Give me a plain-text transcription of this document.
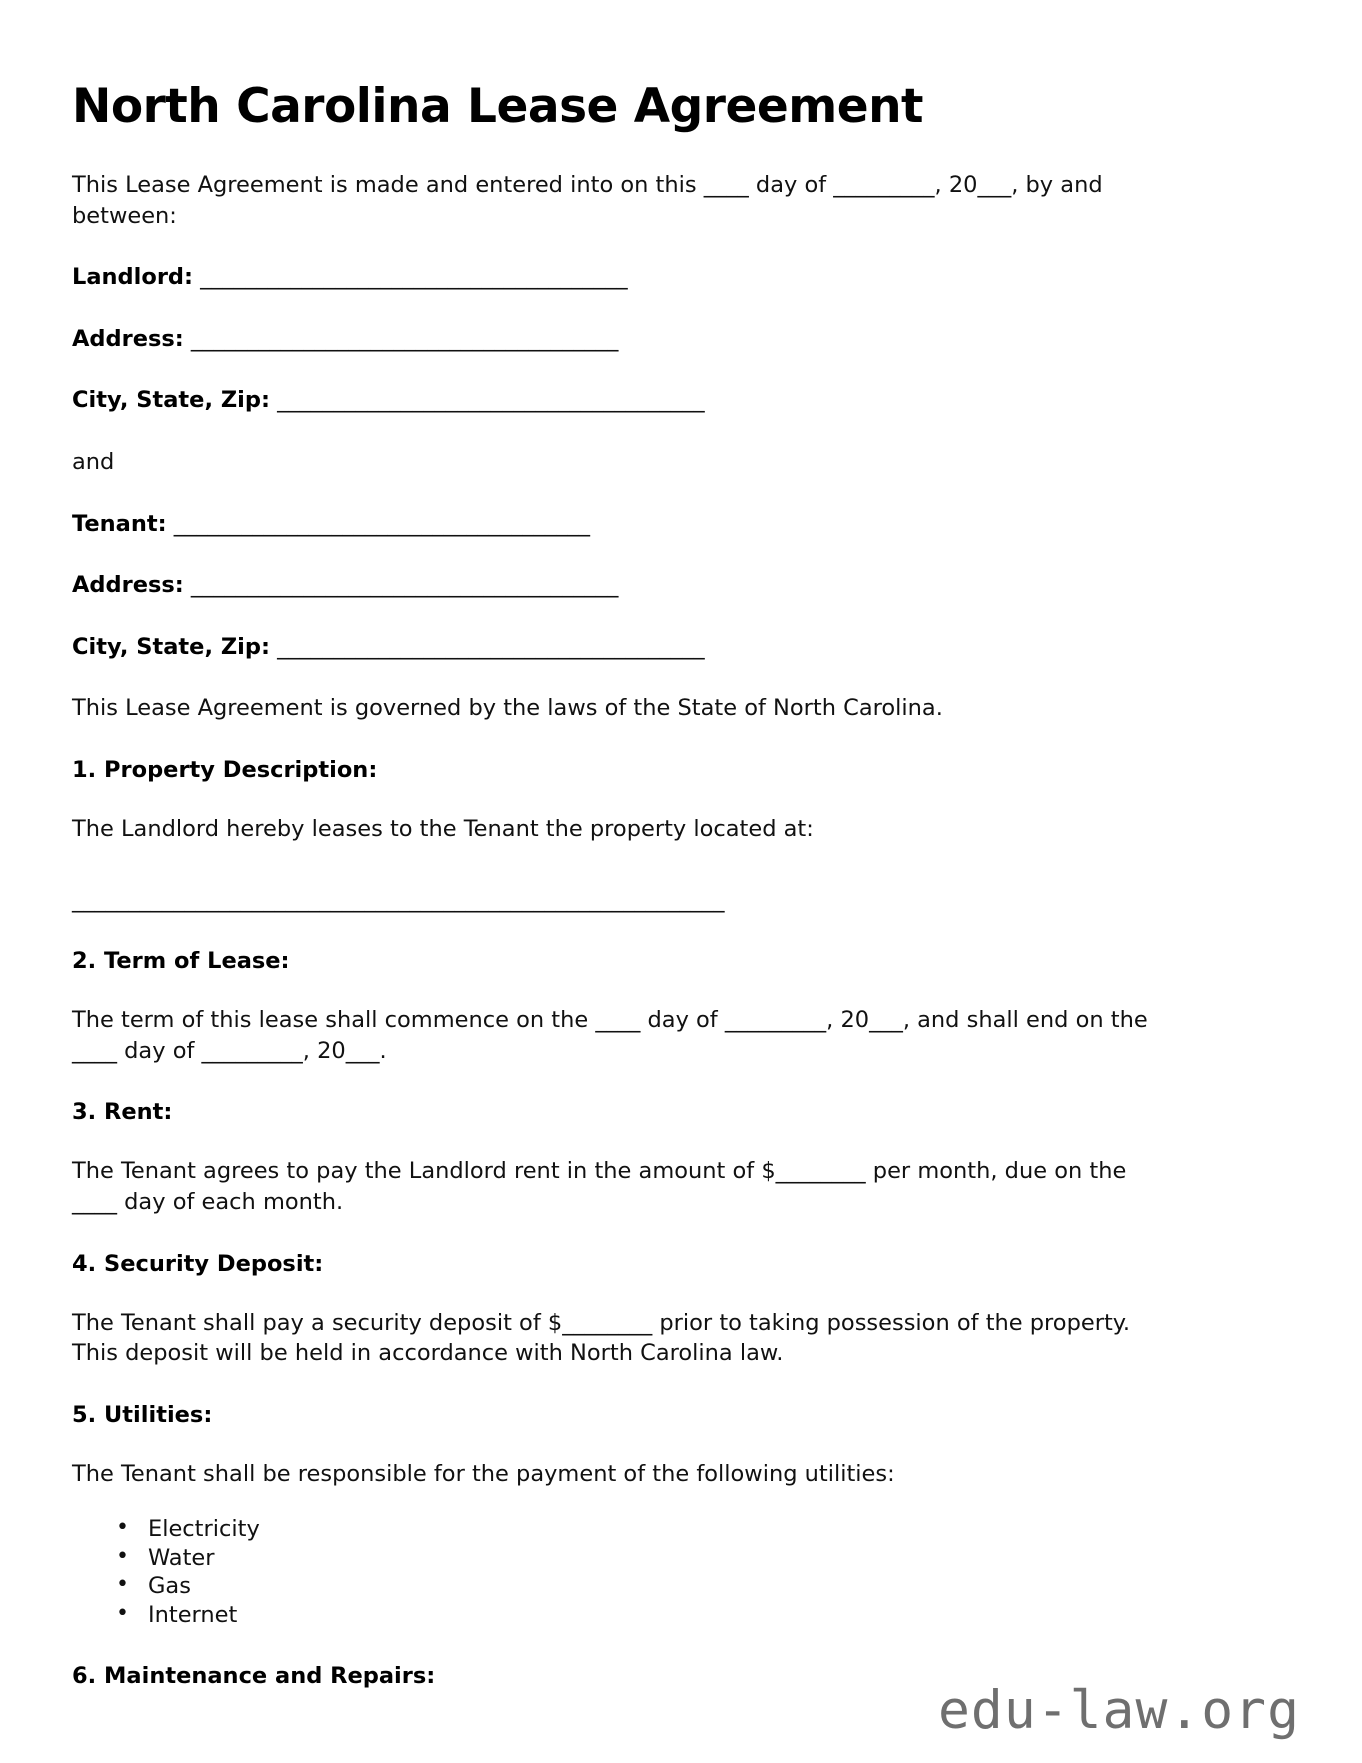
North Carolina Lease Agreement

This Lease Agreement is made and entered into on this ____ day of _________, 20___, by and between:

Landlord: ______________________________________

Address: ______________________________________

City, State, Zip: ______________________________________

and

Tenant: _____________________________________

Address: ______________________________________

City, State, Zip: ______________________________________

This Lease Agreement is governed by the laws of the State of North Carolina.

1. Property Description:

The Landlord hereby leases to the Tenant the property located at:

__________________________________________________________
2. Term of Lease:

The term of this lease shall commence on the ____ day of _________, 20___, and shall end on the ____ day of _________, 20___.

3. Rent:

The Tenant agrees to pay the Landlord rent in the amount of $________ per month, due on the ____ day of each month.

4. Security Deposit:

The Tenant shall pay a security deposit of $________ prior to taking possession of the property. This deposit will be held in accordance with North Carolina law.

5. Utilities:

The Tenant shall be responsible for the payment of the following utilities:

• Electricity
• Water
• Gas
• Internet
6. Maintenance and Repairs:
edu-law.org
